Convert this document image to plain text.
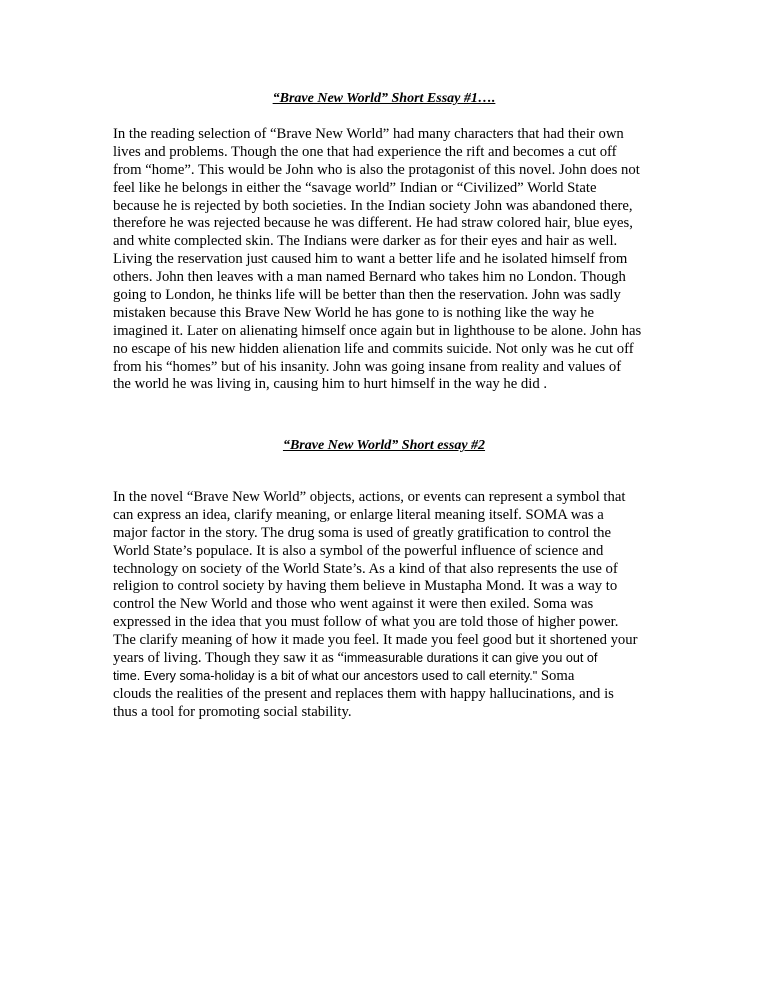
“Brave New World” Short Essay #1….

In the reading selection of “Brave New World” had many characters that had their own
lives and problems. Though the one that had experience the rift and becomes a cut off
from “home”. This would be John who is also the protagonist of this novel. John does not
feel like he belongs in either the “savage world” Indian or “Civilized” World State
because he is rejected by both societies. In the Indian society John was abandoned there,
therefore he was rejected because he was different. He had straw colored hair, blue eyes,
and white complected skin. The Indians were darker as for their eyes and hair as well.
Living the reservation just caused him to want a better life and he isolated himself from
others. John then leaves with a man named Bernard who takes him no London. Though
going to London, he thinks life will be better than then the reservation. John was sadly
mistaken because this Brave New World he has gone to is nothing like the way he
imagined it. Later on alienating himself once again but in lighthouse to be alone. John has
no escape of his new hidden alienation life and commits suicide. Not only was he cut off
from his “homes” but of his insanity. John was going insane from reality and values of
the world he was living in, causing him to hurt himself in the way he did .

“Brave New World” Short essay #2

In the novel “Brave New World” objects, actions, or events can represent a symbol that
can express an idea, clarify meaning, or enlarge literal meaning itself. SOMA was a
major factor in the story. The drug soma is used of greatly gratification to control the
World State’s populace. It is also a symbol of the powerful influence of science and
technology on society of the World State’s. As a kind of that also represents the use of
religion to control society by having them believe in Mustapha Mond. It was a way to
control the New World and those who went against it were then exiled. Soma was
expressed in the idea that you must follow of what you are told those of higher power.
The clarify meaning of how it made you feel. It made you feel good but it shortened your
years of living. Though they saw it as “immeasurable durations it can give you out of
time. Every soma-holiday is a bit of what our ancestors used to call eternity." Soma
clouds the realities of the present and replaces them with happy hallucinations, and is
thus a tool for promoting social stability.
